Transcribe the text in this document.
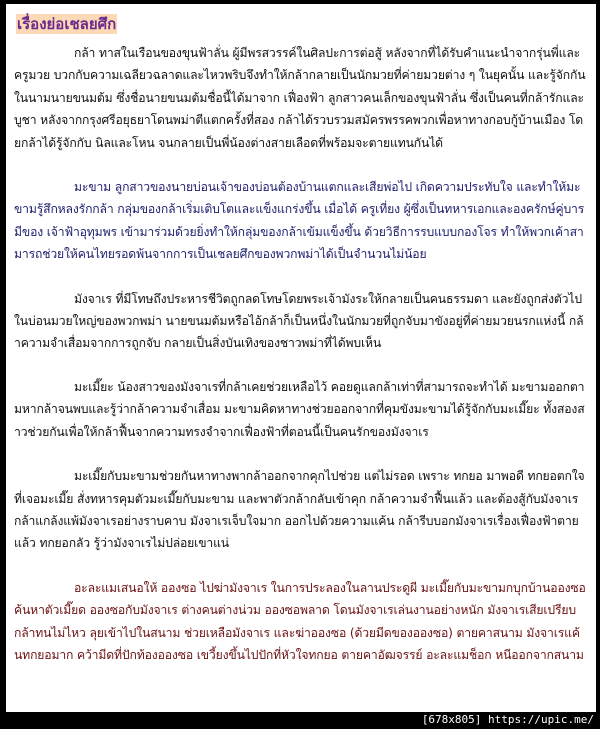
เรื่องย่อเชลยศึก

กล้า ทาสในเรือนของขุนฟ้าลั่น ผู้มีพรสวรรค์ในศิลปะการต่อสู้ หลังจากที่ได้รับคำแนะนำจากรุ่นพี่และครูมวย บวกกับความเฉลียวฉลาดและไหวพริบจึงทำให้กล้ากลายเป็นนักมวยที่ค่ายมวยต่าง ๆ ในยุคนั้น และรู้จักกันในนามนายขนมต้ม ซึ่งชื่อนายขนมต้มชื่อนี้ได้มาจาก เฟื่องฟ้า ลูกสาวคนเล็กของขุนฟ้าลั่น ซึ่งเป็นคนที่กล้ารักและบูชา หลังจากกรุงศรีอยุธยาโดนพม่าตีแตกครั้งที่สอง กล้าได้รวบรวมสมัครพรรคพวกเพื่อหาทางกอบกู้บ้านเมือง โดยกล้าได้รู้จักกับ นิลและโหน จนกลายเป็นพี่น้องต่างสายเลือดที่พร้อมจะตายแทนกันได้

มะขาม ลูกสาวของนายบ่อนเจ้าของบ่อนต้องบ้านแตกและเสียพ่อไป เกิดความประทับใจ และทำให้มะขามรู้สึกหลงรักกล้า กลุ่มของกล้าเริ่มเติบโตและแข็งแกร่งขึ้น เมื่อได้ ครูเที่ยง ผู้ซึ่งเป็นทหารเอกและองครักษ์คู่บารมีของ เจ้าฟ้าอุทุมพร เข้ามาร่วมด้วยยิ่งทำให้กลุ่มของกล้าเข้มแข็งขึ้น ด้วยวิธีการรบแบบกองโจร ทำให้พวกเค้าสามารถช่วยให้คนไทยรอดพ้นจากการเป็นเชลยศึกของพวกพม่าได้เป็นจำนวนไม่น้อย

มังจาเร ที่มีโทษถึงประหารชีวิตถูกลดโทษโดยพระเจ้ามังระให้กลายเป็นคนธรรมดา และยังถูกส่งตัวไปในบ่อนมวยใหญ่ของพวกพม่า นายขนมต้มหรือไอ้กล้าก็เป็นหนึ่งในนักมวยที่ถูกจับมาขังอยู่ที่ค่ายมวยนรกแห่งนี้ กล้าความจำเสื่อมจากการถูกจับ กลายเป็นสิ่งบันเทิงของชาวพม่าที่ได้พบเห็น

มะเมี๊ยะ น้องสาวของมังจาเรที่กล้าเคยช่วยเหลือไว้ คอยดูแลกล้าเท่าที่สามารถจะทำได้ มะขามออกตามหากล้าจนพบและรู้ว่ากล้าความจำเสื่อม มะขามคิดหาทางช่วยออกจากที่คุมขังมะขามได้รู้จักกับมะเมี๊ยะ ทั้งสองสาวช่วยกันเพื่อให้กล้าฟื้นจากความทรงจำจากเฟื่องฟ้าที่ตอนนี้เป็นคนรักของมังจาเร

มะเมี๊ยกับมะขามช่วยกันหาทางพากล้าออกจากคุกไปช่วย แต่ไม่รอด เพราะ ทกยอ มาพอดี ทกยอตกใจที่เจอมะเมี๊ย สั่งทหารคุมตัวมะเมี๊ยกับมะขาม และพาตัวกล้ากลับเข้าคุก กล้าความจำฟื้นแล้ว และต้องสู้กับมังจาเร กล้าแกล้งแพ้มังจาเรอย่างราบคาบ มังจาเรเจ็บใจมาก ออกไปด้วยความแค้น กล้ารีบบอกมังจาเรเรื่องเฟื่องฟ้าตายแล้ว ทกยอกลัว รู้ว่ามังจาเรไม่ปล่อยเขาแน่

อะละแมเสนอให้ อองซอ ไปฆ่ามังจาเร ในการประลองในลานประดูผี มะเมี๊ยกับมะขามกบุกบ้านอองซอ ค้นหาตัวเมี๊ยด อองซอกับมังจาเร ต่างคนต่างน่วม อองซอพลาด โดนมังจาเรเล่นงานอย่างหนัก มังจาเรเสียเปรียบ กล้าทนไม่ไหว ลุยเข้าไปในสนาม ช่วยเหลือมังจาเร และฆ่าอองซอ (ด้วยมีดของอองซอ) ตายคาสนาม มังจาเรแค้นทกยอมาก คว้ามีดที่ปักท้องอองซอ เขวี้ยงขึ้นไปปักที่หัวใจทกยอ ตายคาอัฒจรรย์ อะละแมช็อก หนีออกจากสนาม

[678x805] https://upic.me/
